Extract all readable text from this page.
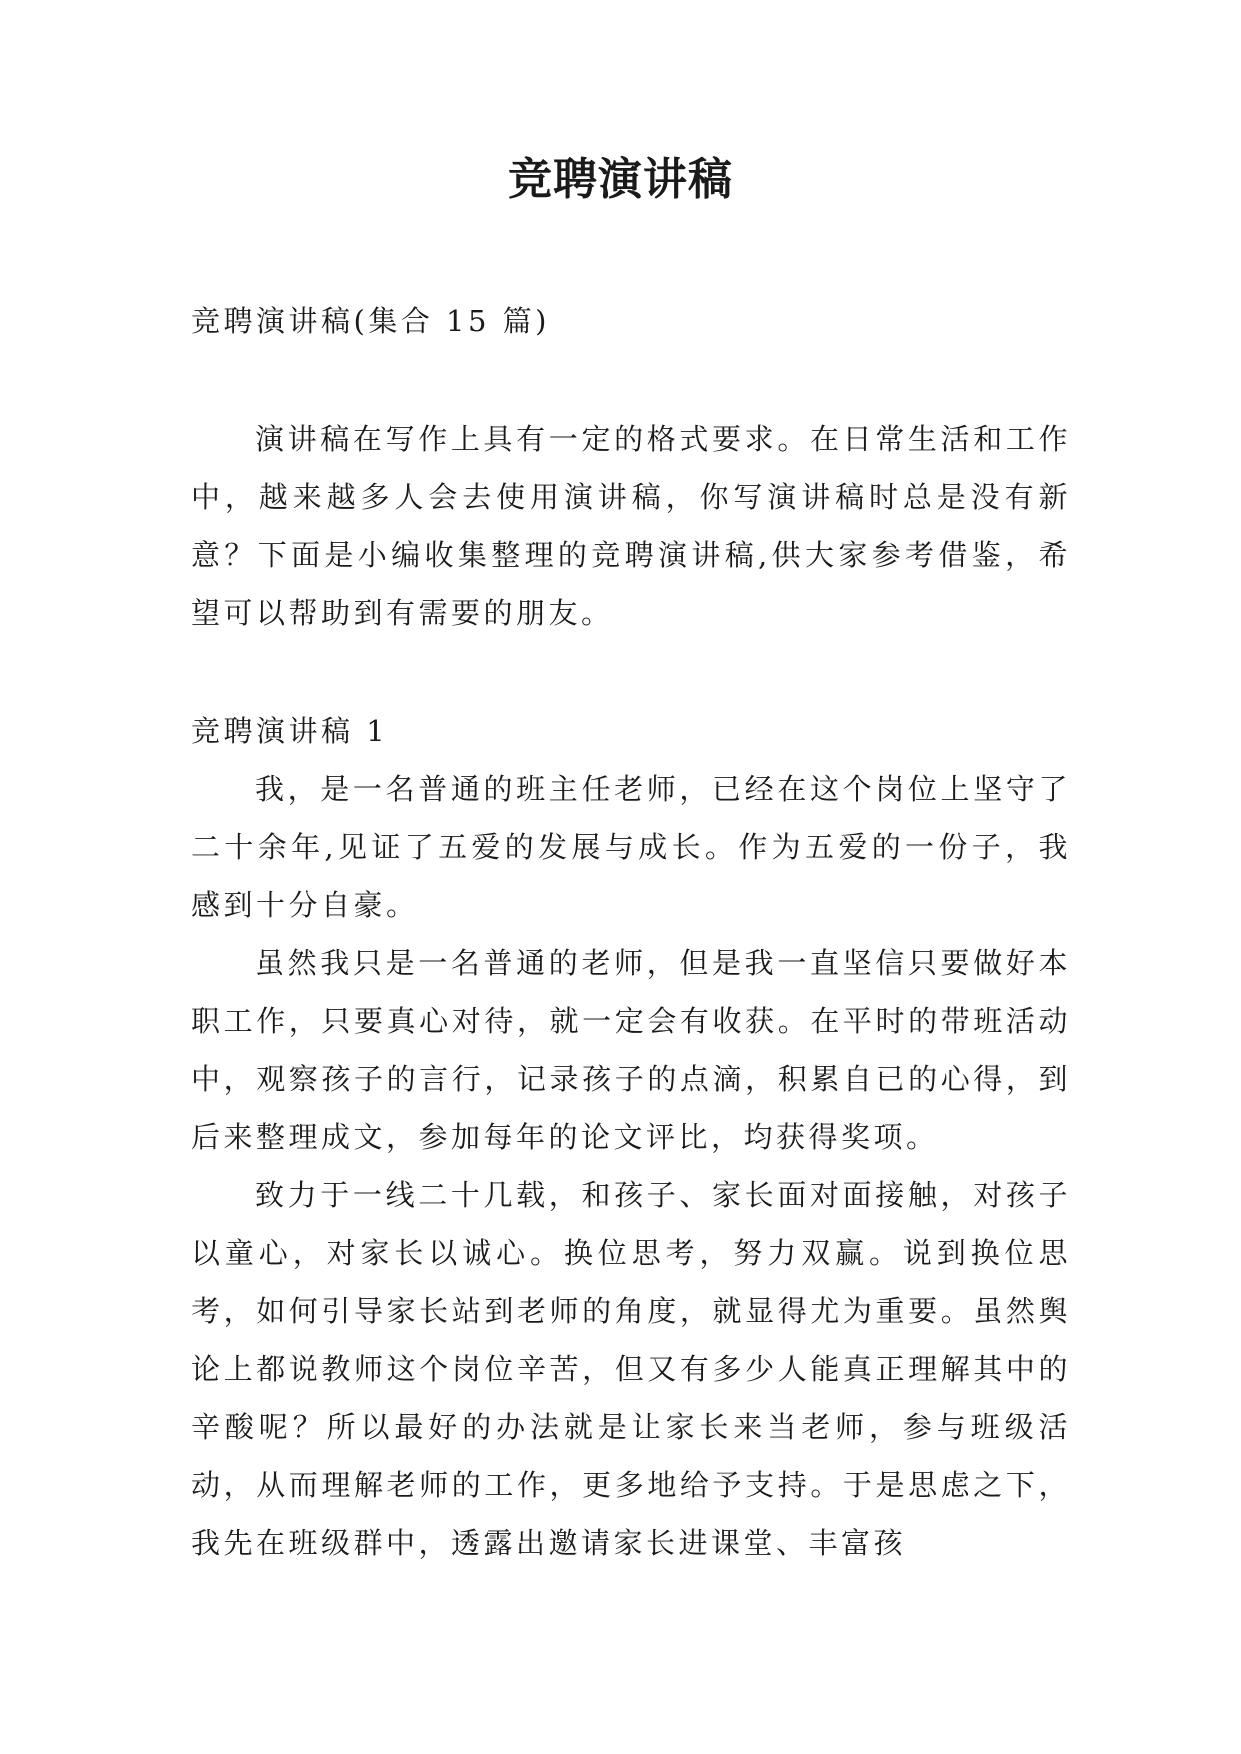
竞聘演讲稿

竞聘演讲稿(集合 15 篇)

演讲稿在写作上具有一定的格式要求。在日常生活和工作中，越来越多人会去使用演讲稿，你写演讲稿时总是没有新意？下面是小编收集整理的竞聘演讲稿,供大家参考借鉴，希望可以帮助到有需要的朋友。

竞聘演讲稿 1

我，是一名普通的班主任老师，已经在这个岗位上坚守了二十余年,见证了五爱的发展与成长。作为五爱的一份子，我感到十分自豪。

虽然我只是一名普通的老师，但是我一直坚信只要做好本职工作，只要真心对待，就一定会有收获。在平时的带班活动中，观察孩子的言行，记录孩子的点滴，积累自已的心得，到后来整理成文，参加每年的论文评比，均获得奖项。

致力于一线二十几载，和孩子、家长面对面接触，对孩子以童心，对家长以诚心。换位思考，努力双赢。说到换位思考，如何引导家长站到老师的角度，就显得尤为重要。虽然舆论上都说教师这个岗位辛苦，但又有多少人能真正理解其中的辛酸呢？所以最好的办法就是让家长来当老师，参与班级活动，从而理解老师的工作，更多地给予支持。于是思虑之下，我先在班级群中，透露出邀请家长进课堂、丰富孩
